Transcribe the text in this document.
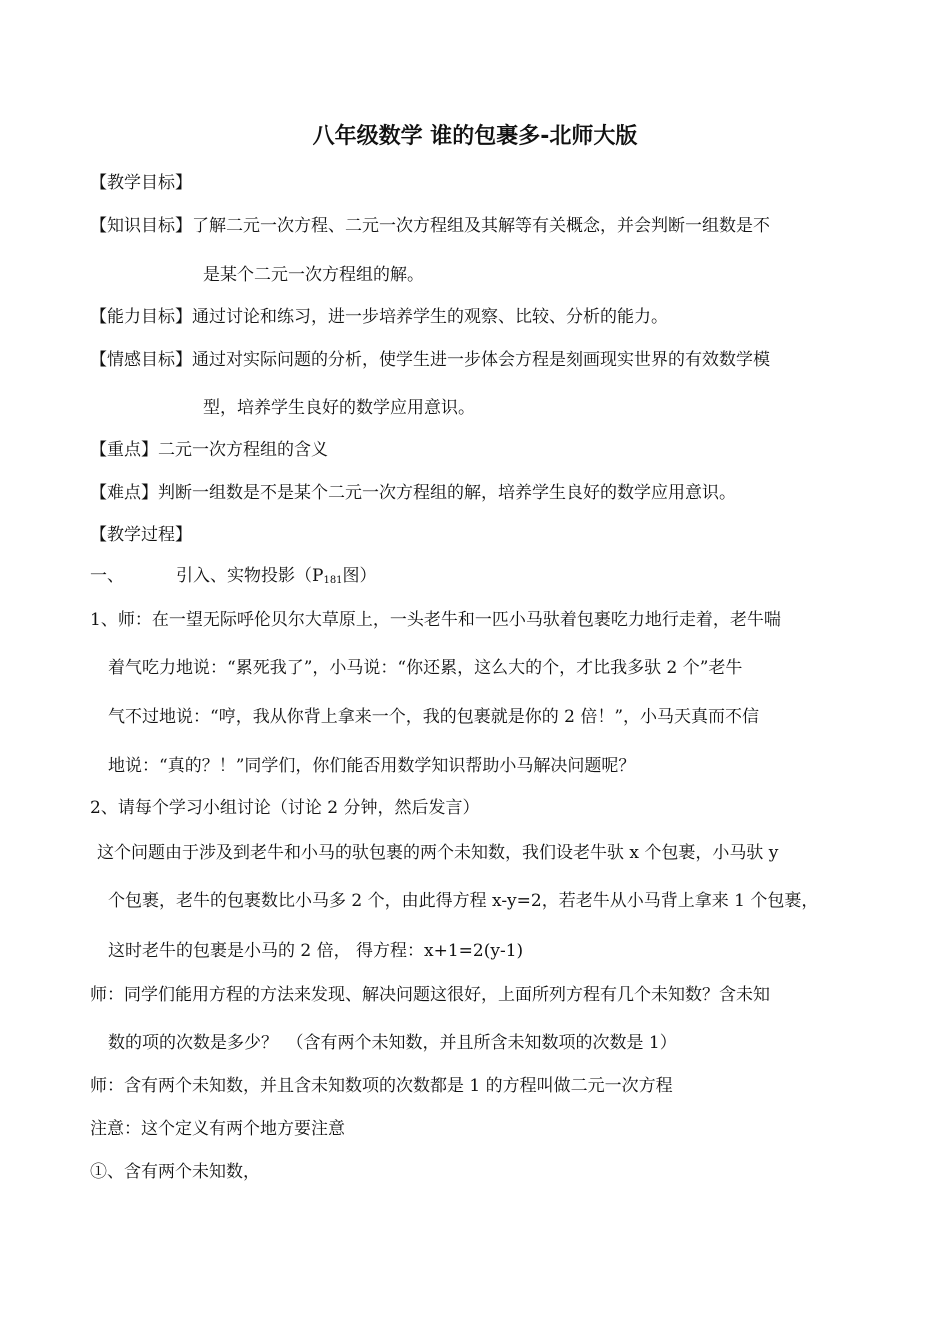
八年级数学 谁的包裹多-北师大版
【教学目标】
【知识目标】了解二元一次方程、二元一次方程组及其解等有关概念，并会判断一组数是不
是某个二元一次方程组的解。
【能力目标】通过讨论和练习，进一步培养学生的观察、比较、分析的能力。
【情感目标】通过对实际问题的分析，使学生进一步体会方程是刻画现实世界的有效数学模
型，培养学生良好的数学应用意识。
【重点】二元一次方程组的含义
【难点】判断一组数是不是某个二元一次方程组的解，培养学生良好的数学应用意识。
【教学过程】
一、	引入、实物投影（$P_{181}$图）
1、师：在一望无际呼伦贝尔大草原上，一头老牛和一匹小马驮着包裹吃力地行走着，老牛喘
着气吃力地说：“累死我了”，小马说：“你还累，这么大的个，才比我多驮 2 个”老牛
气不过地说：“哼，我从你背上拿来一个，我的包裹就是你的 2 倍！”，小马天真而不信
地说：“真的？！”同学们，你们能否用数学知识帮助小马解决问题呢？
2、请每个学习小组讨论（讨论 2 分钟，然后发言）
这个问题由于涉及到老牛和小马的驮包裹的两个未知数，我们设老牛驮 x 个包裹，小马驮 y
个包裹，老牛的包裹数比小马多 2 个，由此得方程 x-y=2，若老牛从小马背上拿来 1 个包裹，
这时老牛的包裹是小马的 2 倍， 得方程：x+1=2(y-1)
师：同学们能用方程的方法来发现、解决问题这很好，上面所列方程有几个未知数？含未知
数的项的次数是多少？　（含有两个未知数，并且所含未知数项的次数是 1）
师：含有两个未知数，并且含未知数项的次数都是 1 的方程叫做二元一次方程
注意：这个定义有两个地方要注意
①、含有两个未知数，
